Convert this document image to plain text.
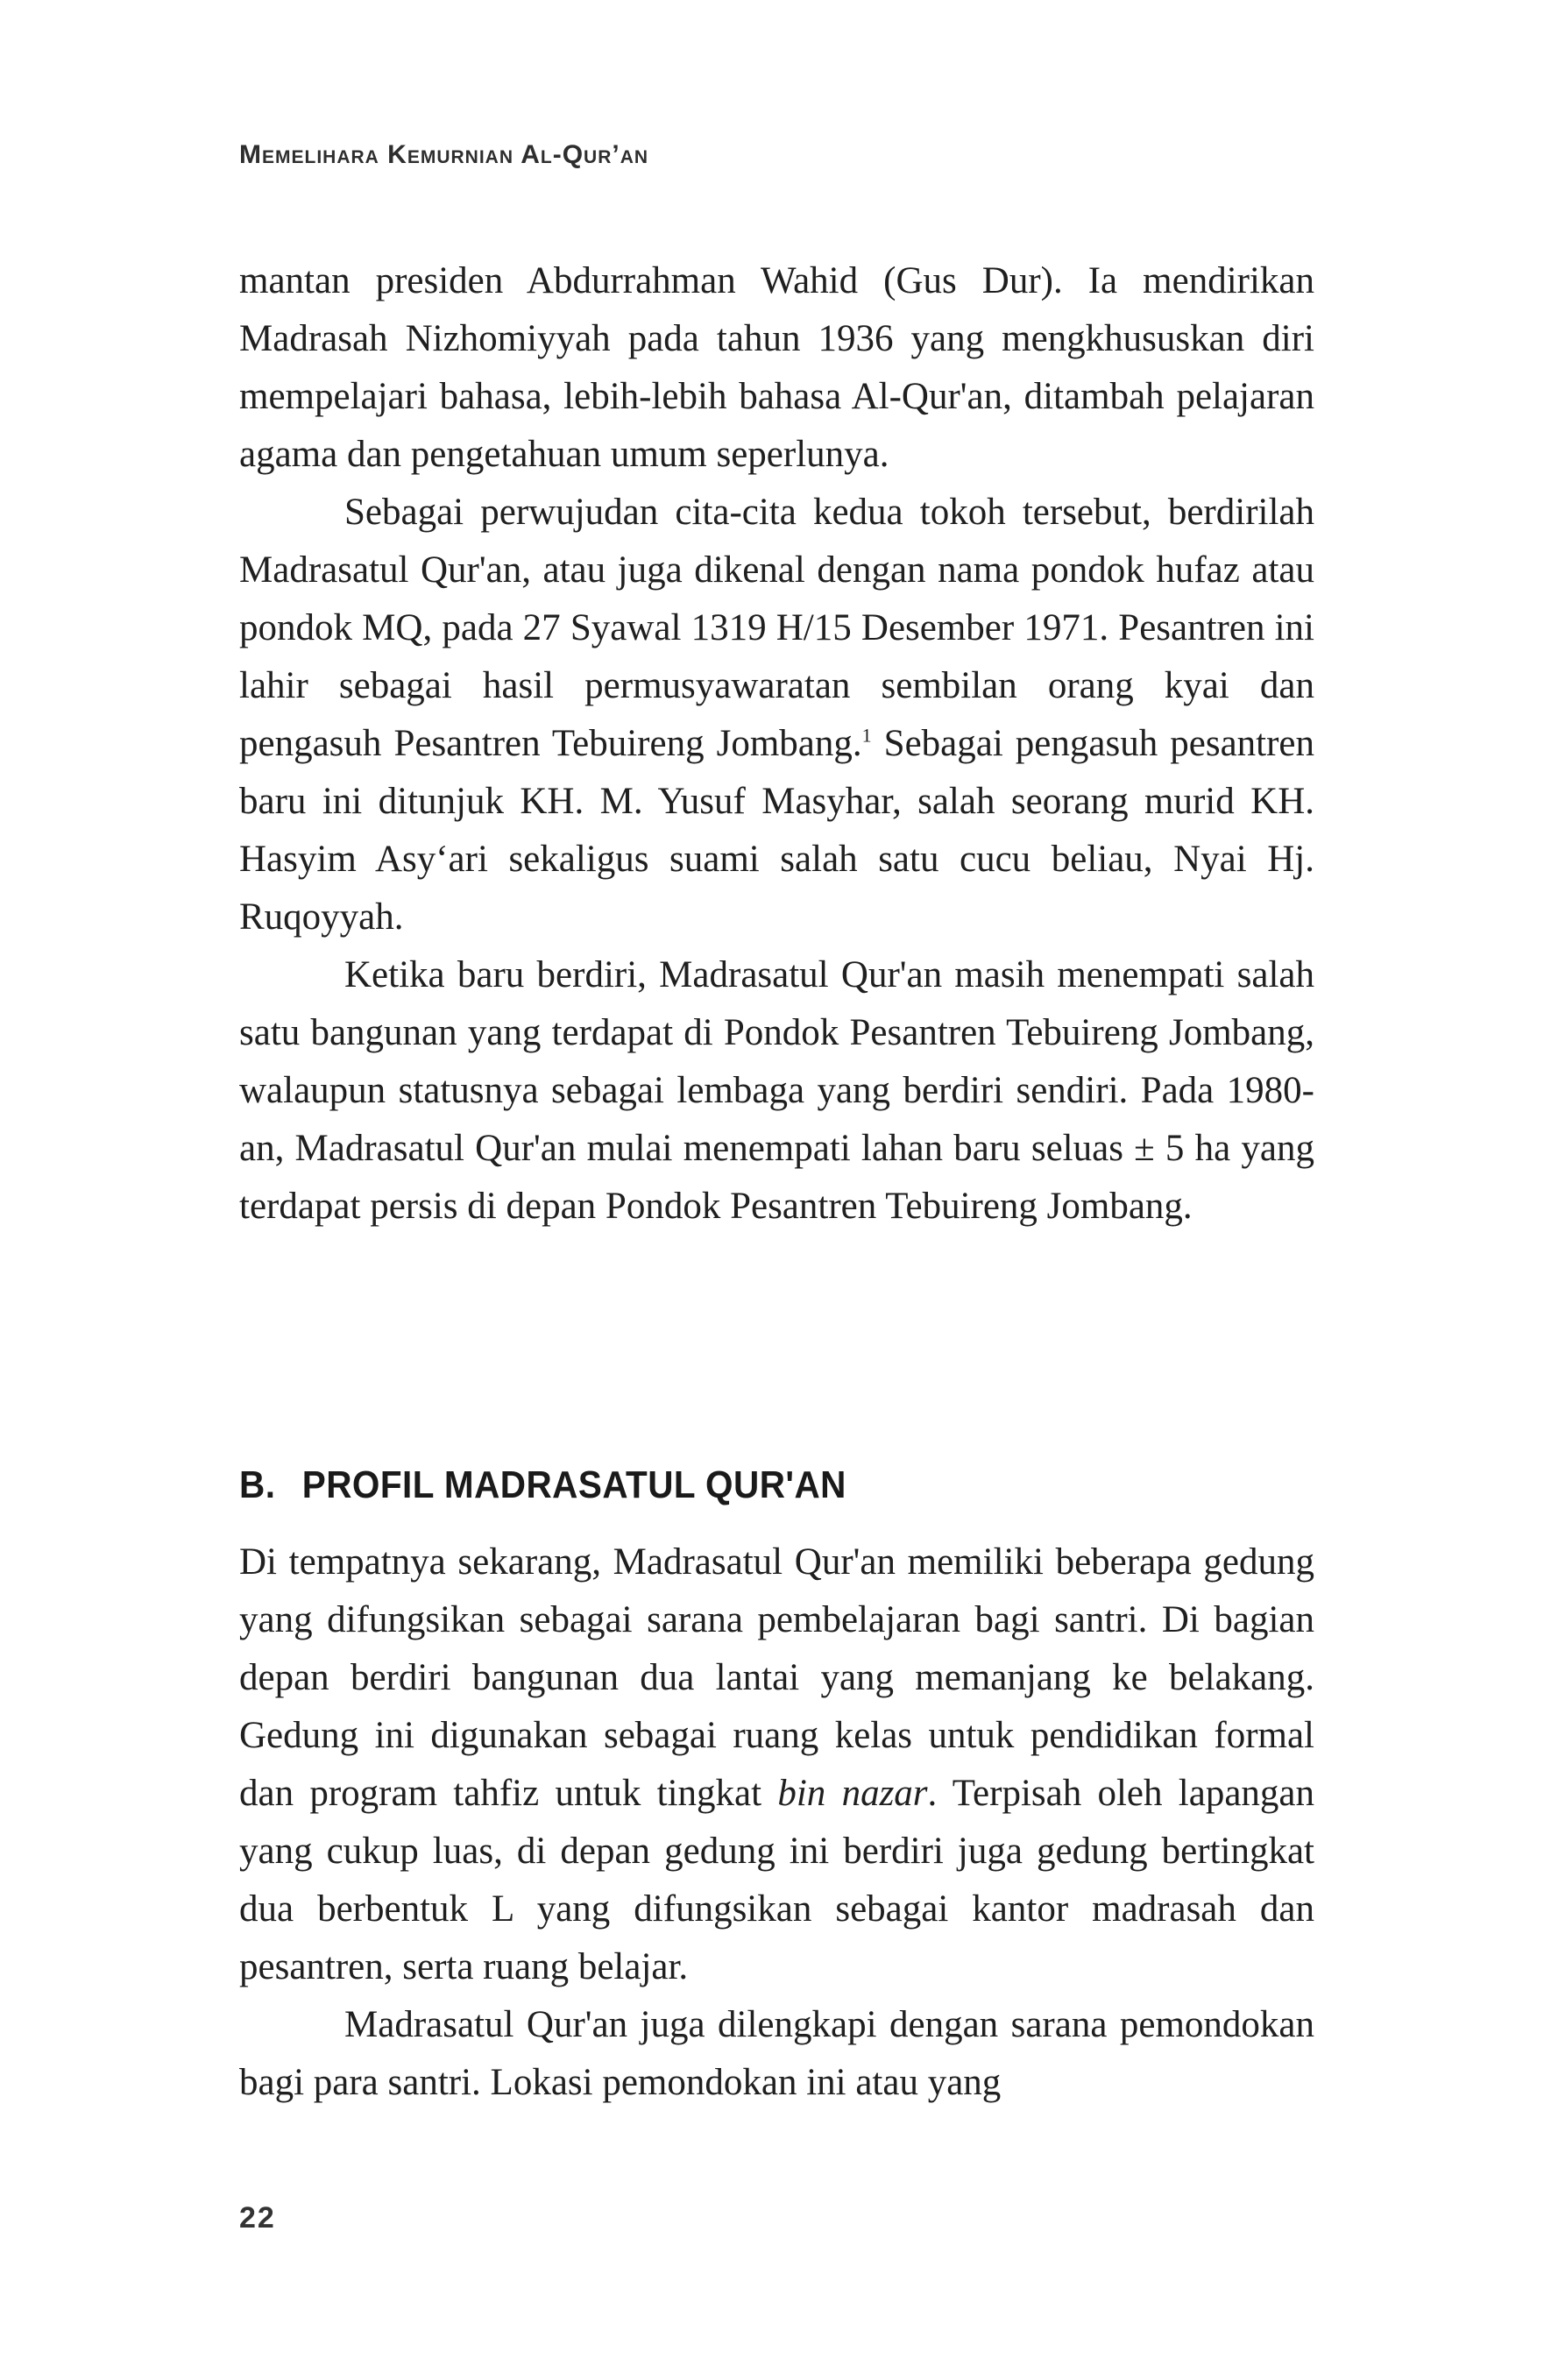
Memelihara Kemurnian Al-Qur’an

mantan presiden Abdurrahman Wahid (Gus Dur). Ia mendirikan Madrasah Nizhomiyyah pada tahun 1936 yang mengkhususkan diri mempelajari bahasa, lebih-lebih bahasa Al-Qur'an, ditambah pelajaran agama dan pengetahuan umum seperlunya.

Sebagai perwujudan cita-cita kedua tokoh tersebut, berdirilah Madrasatul Qur'an, atau juga dikenal dengan nama pondok hufaz atau pondok MQ, pada 27 Syawal 1319 H/15 Desember 1971. Pesantren ini lahir sebagai hasil permusyawaratan sembilan orang kyai dan pengasuh Pesantren Tebuireng Jombang.$^1$ Sebagai pengasuh pesantren baru ini ditunjuk KH. M. Yusuf Masyhar, salah seorang murid KH. Hasyim Asy‘ari sekaligus suami salah satu cucu beliau, Nyai Hj. Ruqoyyah.

Ketika baru berdiri, Madrasatul Qur'an masih menempati salah satu bangunan yang terdapat di Pondok Pesantren Tebuireng Jombang, walaupun statusnya sebagai lembaga yang berdiri sendiri. Pada 1980-an, Madrasatul Qur'an mulai menempati lahan baru seluas ± 5 ha yang terdapat persis di depan Pondok Pesantren Tebuireng Jombang.

B. PROFIL MADRASATUL QUR'AN

Di tempatnya sekarang, Madrasatul Qur'an memiliki beberapa gedung yang difungsikan sebagai sarana pembelajaran bagi santri. Di bagian depan berdiri bangunan dua lantai yang memanjang ke belakang. Gedung ini digunakan sebagai ruang kelas untuk pendidikan formal dan program tahfiz untuk tingkat bin nazar. Terpisah oleh lapangan yang cukup luas, di depan gedung ini berdiri juga gedung bertingkat dua berbentuk L yang difungsikan sebagai kantor madrasah dan pesantren, serta ruang belajar.

Madrasatul Qur'an juga dilengkapi dengan sarana pemondokan bagi para santri. Lokasi pemondokan ini atau yang

22
